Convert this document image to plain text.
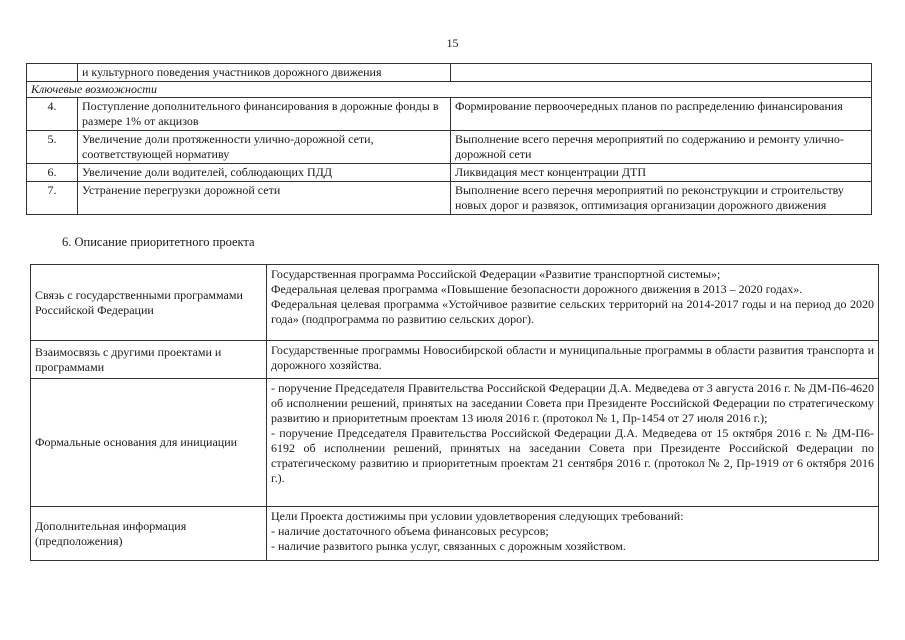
15
	и культурного поведения участников дорожного движения	
Ключевые возможности		
4.	Поступление дополнительного финансирования в дорожные фонды в размере 1% от акцизов	Формирование первоочередных планов по распределению финансирования
5.	Увеличение доли протяженности улично-дорожной сети, соответствующей нормативу	Выполнение всего перечня мероприятий по содержанию и ремонту улично-дорожной сети
6.	Увеличение доли водителей, соблюдающих ПДД	Ликвидация мест концентрации ДТП
7.	Устранение перегрузки дорожной сети	Выполнение всего перечня мероприятий по реконструкции и строительству новых дорог и развязок, оптимизация организации дорожного движения
6. Описание приоритетного проекта
Связь с государственными программами Российской Федерации	Государственная программа Российской Федерации «Развитие транспортной системы»;
Федеральная целевая программа «Повышение безопасности дорожного движения в 2013 – 2020 годах».
Федеральная целевая программа «Устойчивое развитие сельских территорий на 2014-2017 годы и на период до 2020 года» (подпрограмма по развитию сельских дорог).

Взаимосвязь с другими проектами и программами	Государственные программы Новосибирской области и муниципальные программы в области развития транспорта и дорожного хозяйства.

Формальные основания для инициации	- поручение Председателя Правительства Российской Федерации Д.А. Медведева от 3 августа 2016 г. № ДМ-П6-4620 об исполнении решений, принятых на заседании Совета при Президенте Российской Федерации по стратегическому развитию и приоритетным проектам 13 июля 2016 г. (протокол № 1, Пр-1454 от 27 июля 2016 г.);
- поручение Председателя Правительства Российской Федерации Д.А. Медведева от 15 октября 2016 г. № ДМ-П6-6192 об исполнении решений, принятых на заседании Совета при Президенте Российской Федерации по стратегическому развитию и приоритетным проектам 21 сентября 2016 г. (протокол № 2, Пр-1919 от 6 октября 2016 г.).

Дополнительная информация (предположения)	Цели Проекта достижимы при условии удовлетворения следующих требований:
- наличие достаточного объема финансовых ресурсов;
- наличие развитого рынка услуг, связанных с дорожным хозяйством.
